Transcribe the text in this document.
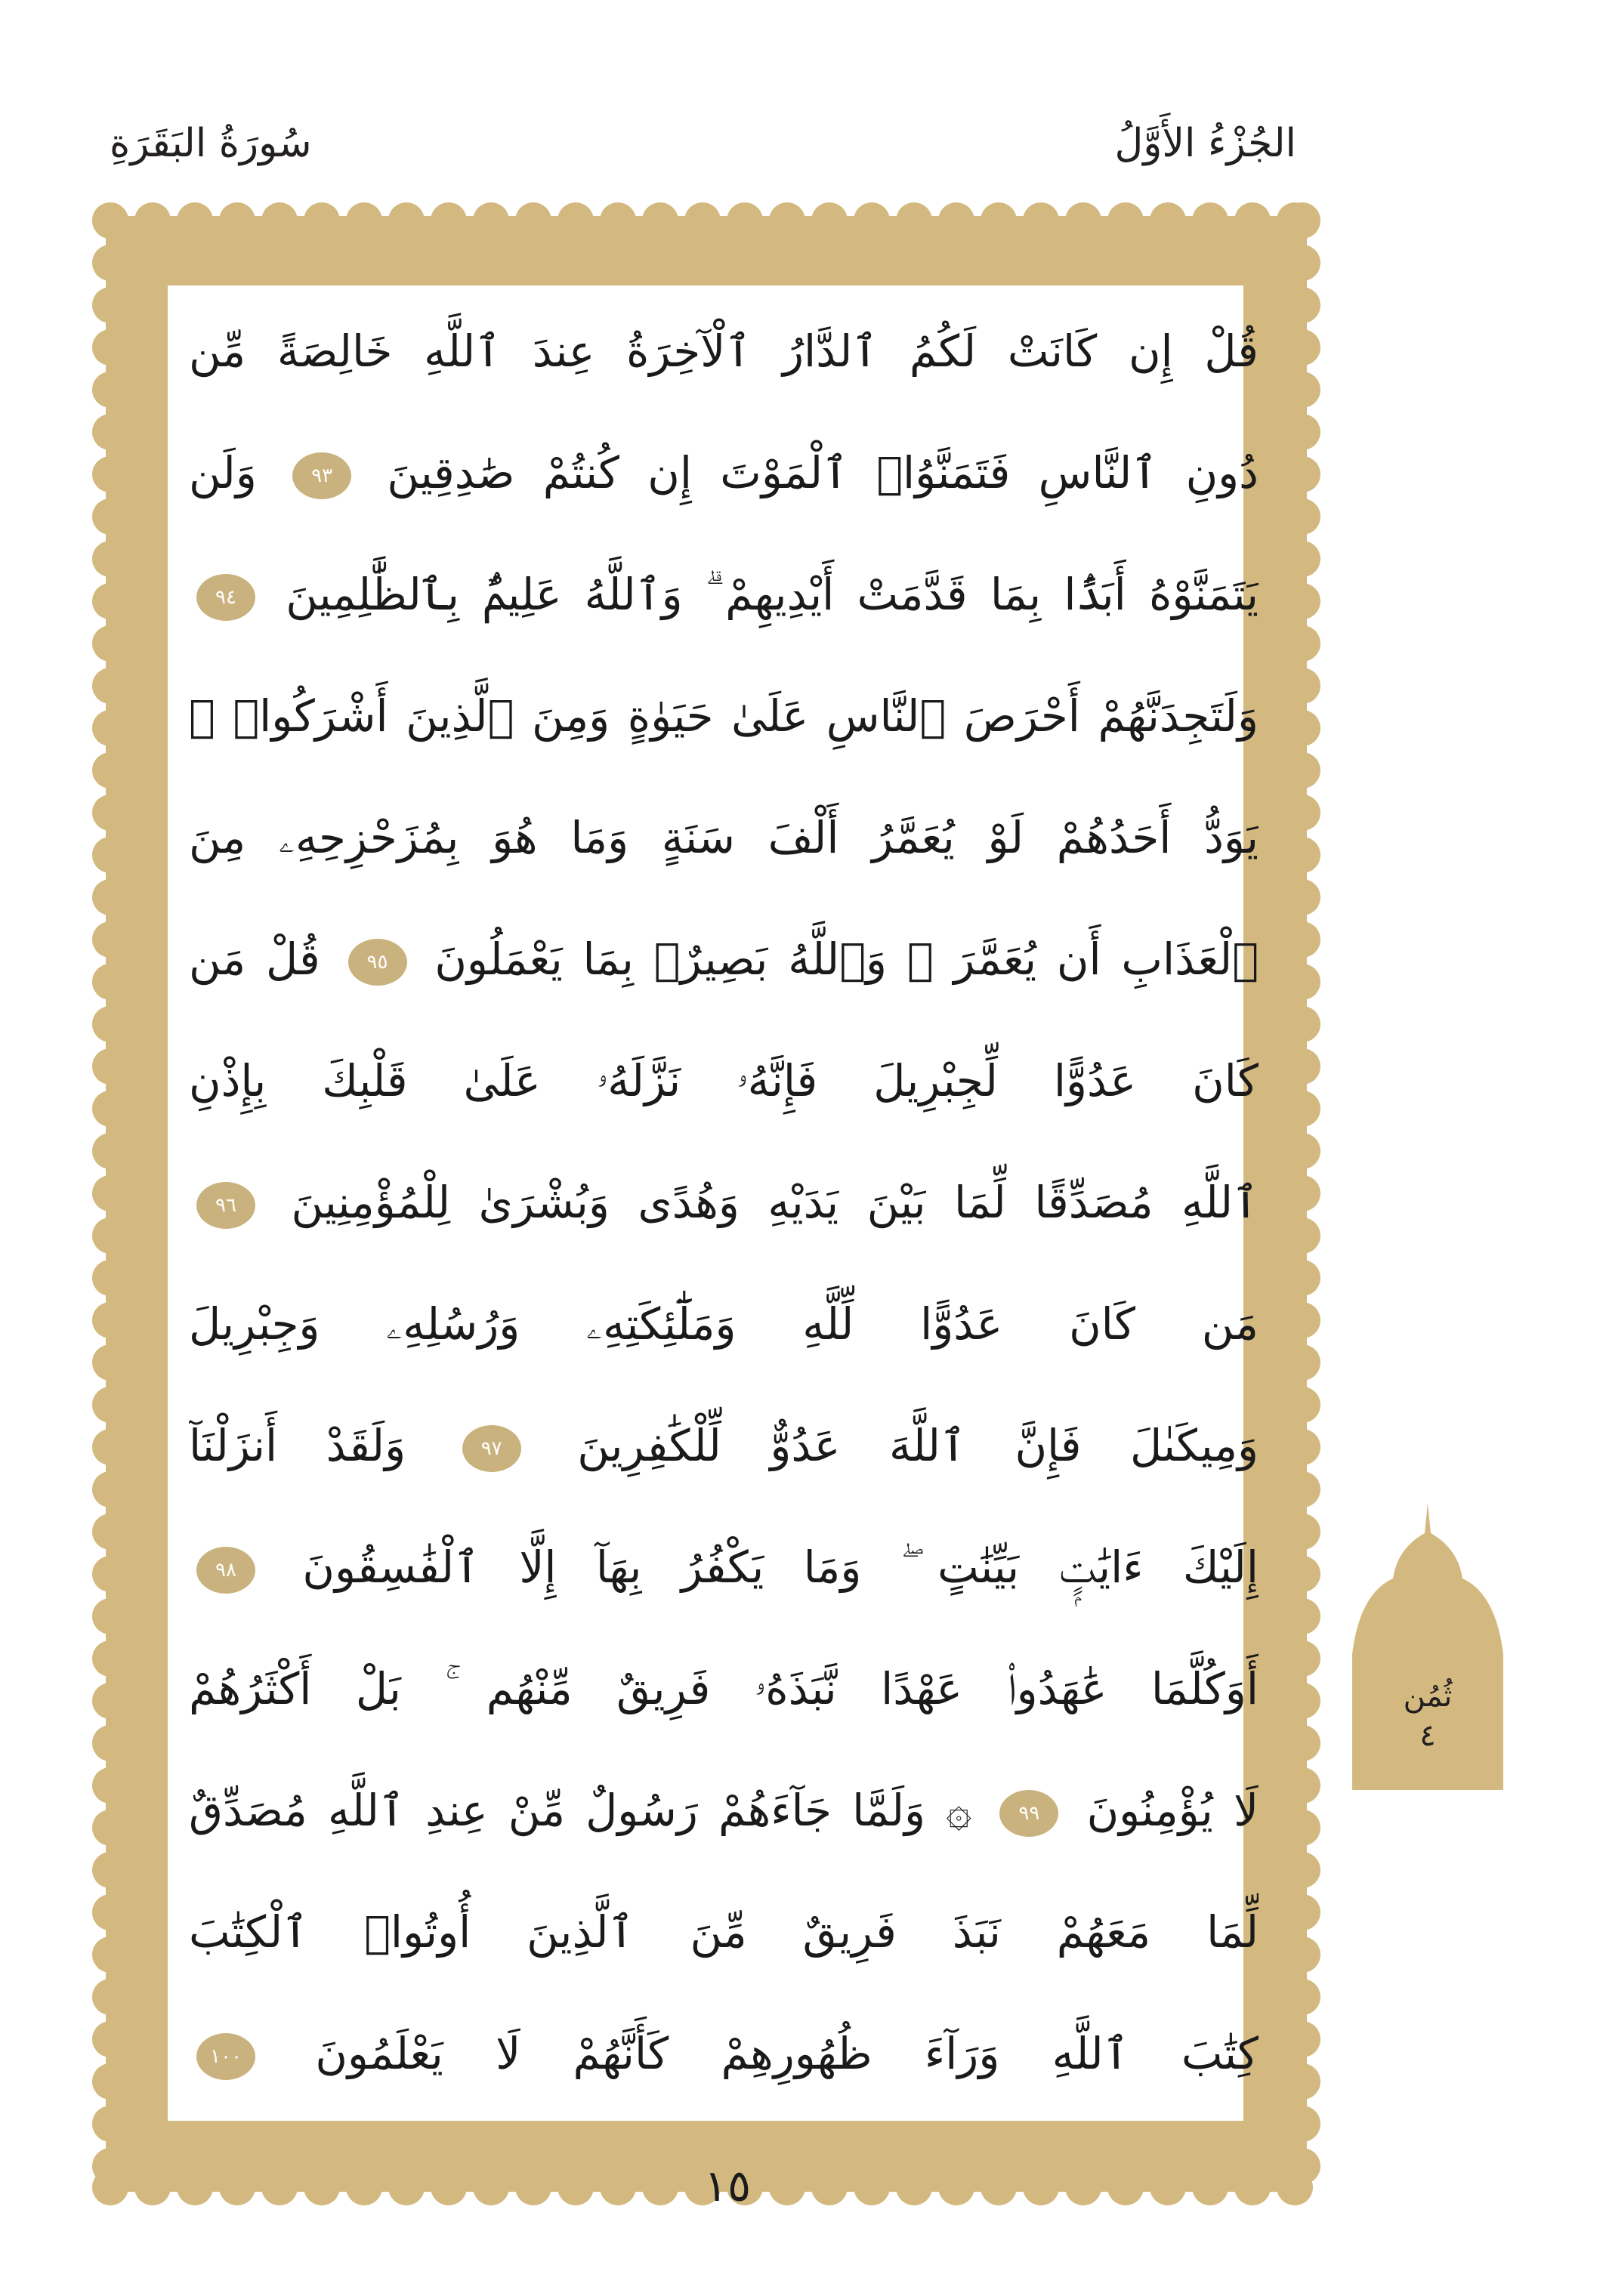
الجُزْءُ الأَوَّلُ
سُورَةُ البَقَرَةِ
قُلْ إِن كَانَتْ لَكُمُ ٱلدَّارُ ٱلْآخِرَةُ عِندَ ٱللَّهِ خَالِصَةً مِّن
دُونِ ٱلنَّاسِ فَتَمَنَّوُا۟ ٱلْمَوْتَ إِن كُنتُمْ صَٰدِقِينَ ٩٣ وَلَن
يَتَمَنَّوْهُ أَبَدًۢا بِمَا قَدَّمَتْ أَيْدِيهِمْ ۗ وَٱللَّهُ عَلِيمٌۢ بِٱلظَّٰلِمِينَ ٩٤
وَلَتَجِدَنَّهُمْ أَحْرَصَ ٱلنَّاسِ عَلَىٰ حَيَوٰةٍ وَمِنَ ٱلَّذِينَ أَشْرَكُوا۟ ۚ
يَوَدُّ أَحَدُهُمْ لَوْ يُعَمَّرُ أَلْفَ سَنَةٍ وَمَا هُوَ بِمُزَحْزِحِهِۦ مِنَ
ٱلْعَذَابِ أَن يُعَمَّرَ ۗ وَٱللَّهُ بَصِيرٌۢ بِمَا يَعْمَلُونَ ٩٥ قُلْ مَن
كَانَ عَدُوًّا لِّجِبْرِيلَ فَإِنَّهُۥ نَزَّلَهُۥ عَلَىٰ قَلْبِكَ بِإِذْنِ
ٱللَّهِ مُصَدِّقًا لِّمَا بَيْنَ يَدَيْهِ وَهُدًى وَبُشْرَىٰ لِلْمُؤْمِنِينَ ٩٦
مَن كَانَ عَدُوًّا لِّلَّهِ وَمَلَٰٓئِكَتِهِۦ وَرُسُلِهِۦ وَجِبْرِيلَ
وَمِيكَىٰلَ فَإِنَّ ٱللَّهَ عَدُوٌّ لِّلْكَٰفِرِينَ ٩٧ وَلَقَدْ أَنزَلْنَآ
إِلَيْكَ ءَايَٰتٍۭ بَيِّنَٰتٍ ۖ وَمَا يَكْفُرُ بِهَآ إِلَّا ٱلْفَٰسِقُونَ ٩٨
أَوَكُلَّمَا عَٰهَدُوا۟ عَهْدًا نَّبَذَهُۥ فَرِيقٌ مِّنْهُم ۚ بَلْ أَكْثَرُهُمْ
لَا يُؤْمِنُونَ ٩٩ ۞ وَلَمَّا جَآءَهُمْ رَسُولٌ مِّنْ عِندِ ٱللَّهِ مُصَدِّقٌ
لِّمَا مَعَهُمْ نَبَذَ فَرِيقٌ مِّنَ ٱلَّذِينَ أُوتُوا۟ ٱلْكِتَٰبَ
كِتَٰبَ ٱللَّهِ وَرَآءَ ظُهُورِهِمْ كَأَنَّهُمْ لَا يَعْلَمُونَ ١٠٠
ثُمُن
٤
١٥
